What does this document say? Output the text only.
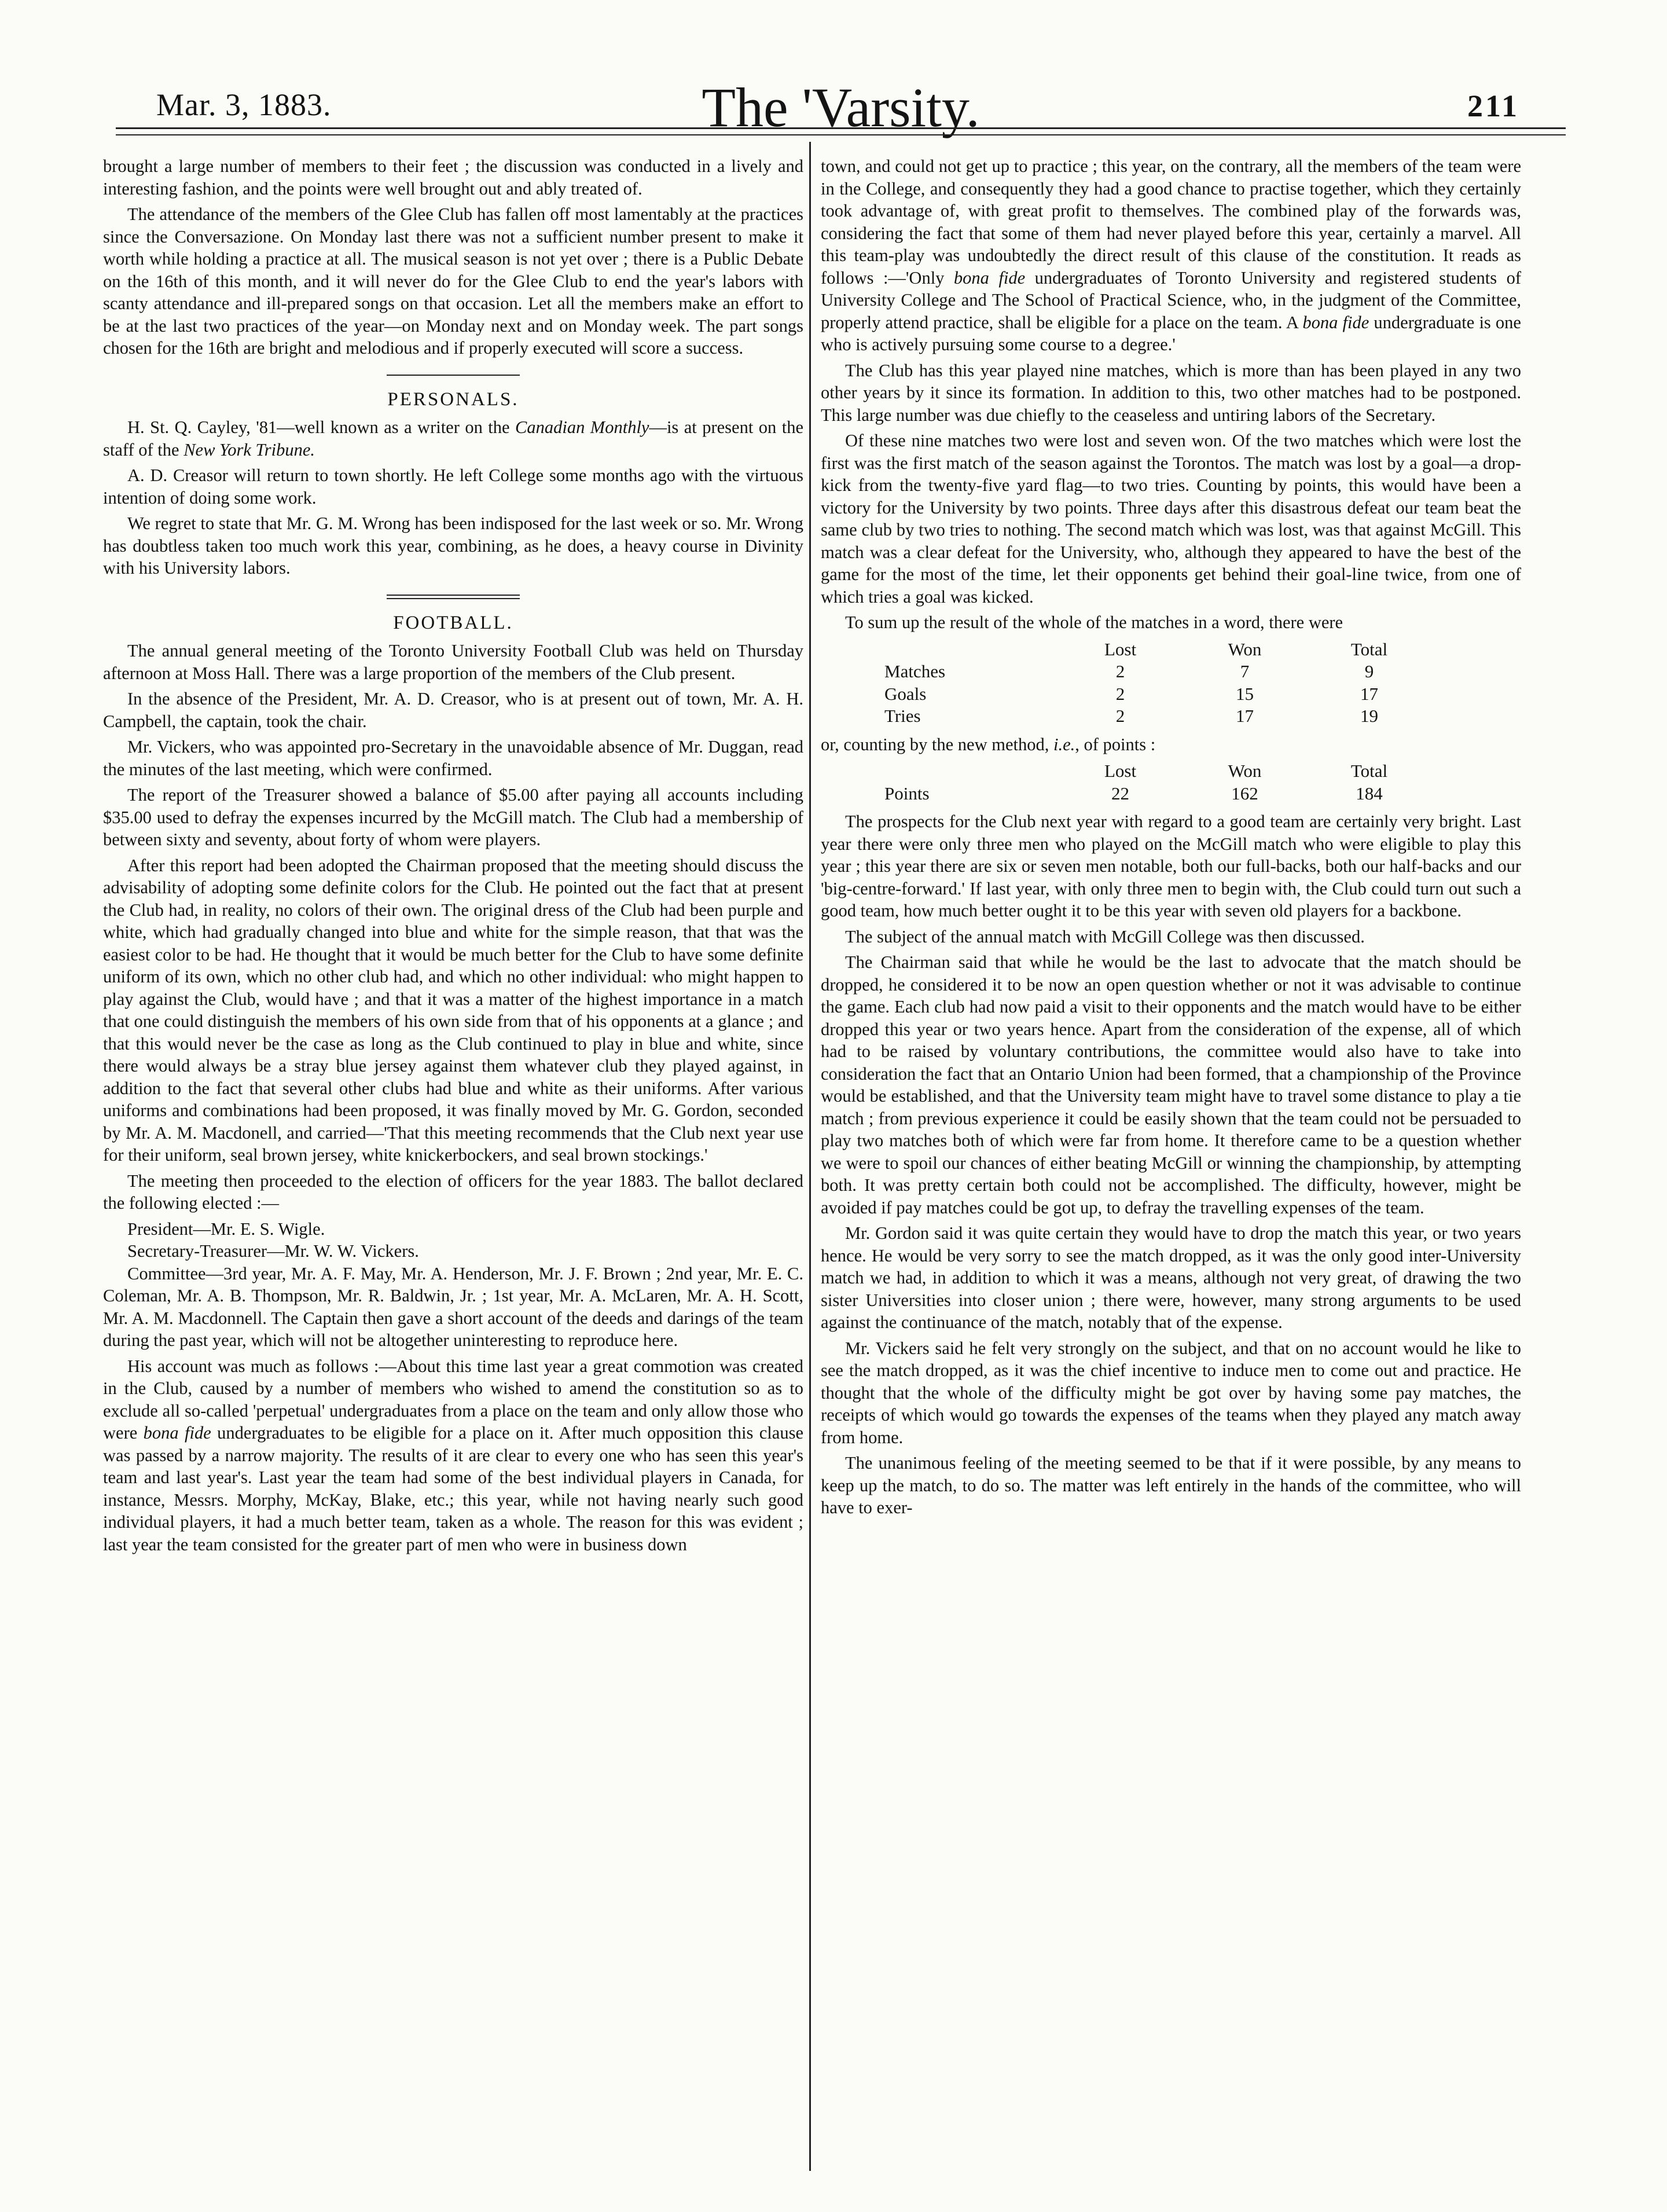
Mar. 3, 1883.	The 'Varsity.	211

brought a large number of members to their feet ; the discussion was conducted in a lively and interesting fashion, and the points were well brought out and ably treated of.

The attendance of the members of the Glee Club has fallen off most lamentably at the practices since the Conversazione. On Monday last there was not a sufficient number present to make it worth while holding a practice at all. The musical season is not yet over ; there is a Public Debate on the 16th of this month, and it will never do for the Glee Club to end the year's labors with scanty attendance and ill-prepared songs on that occasion. Let all the members make an effort to be at the last two practices of the year—on Monday next and on Monday week. The part songs chosen for the 16th are bright and melodious and if properly executed will score a success.

PERSONALS.

H. St. Q. Cayley, '81—well known as a writer on the Canadian Monthly—is at present on the staff of the New York Tribune.

A. D. Creasor will return to town shortly. He left College some months ago with the virtuous intention of doing some work.

We regret to state that Mr. G. M. Wrong has been indisposed for the last week or so. Mr. Wrong has doubtless taken too much work this year, combining, as he does, a heavy course in Divinity with his University labors.

FOOTBALL.

The annual general meeting of the Toronto University Football Club was held on Thursday afternoon at Moss Hall. There was a large proportion of the members of the Club present.

In the absence of the President, Mr. A. D. Creasor, who is at present out of town, Mr. A. H. Campbell, the captain, took the chair.

Mr. Vickers, who was appointed pro-Secretary in the unavoidable absence of Mr. Duggan, read the minutes of the last meeting, which were confirmed.

The report of the Treasurer showed a balance of $5.00 after paying all accounts including $35.00 used to defray the expenses incurred by the McGill match. The Club had a membership of between sixty and seventy, about forty of whom were players.

After this report had been adopted the Chairman proposed that the meeting should discuss the advisability of adopting some definite colors for the Club. He pointed out the fact that at present the Club had, in reality, no colors of their own. The original dress of the Club had been purple and white, which had gradually changed into blue and white for the simple reason, that that was the easiest color to be had. He thought that it would be much better for the Club to have some definite uniform of its own, which no other club had, and which no other individual: who might happen to play against the Club, would have ; and that it was a matter of the highest importance in a match that one could distinguish the members of his own side from that of his opponents at a glance ; and that this would never be the case as long as the Club continued to play in blue and white, since there would always be a stray blue jersey against them whatever club they played against, in addition to the fact that several other clubs had blue and white as their uniforms. After various uniforms and combinations had been proposed, it was finally moved by Mr. G. Gordon, seconded by Mr. A. M. Macdonell, and carried—'That this meeting recommends that the Club next year use for their uniform, seal brown jersey, white knickerbockers, and seal brown stockings.'

The meeting then proceeded to the election of officers for the year 1883. The ballot declared the following elected :—

President—Mr. E. S. Wigle.

Secretary-Treasurer—Mr. W. W. Vickers.

Committee—3rd year, Mr. A. F. May, Mr. A. Henderson, Mr. J. F. Brown ; 2nd year, Mr. E. C. Coleman, Mr. A. B. Thompson, Mr. R. Baldwin, Jr. ; 1st year, Mr. A. McLaren, Mr. A. H. Scott, Mr. A. M. Macdonnell. The Captain then gave a short account of the deeds and darings of the team during the past year, which will not be altogether uninteresting to reproduce here.

His account was much as follows :—About this time last year a great commotion was created in the Club, caused by a number of members who wished to amend the constitution so as to exclude all so-called 'perpetual' undergraduates from a place on the team and only allow those who were bona fide undergraduates to be eligible for a place on it. After much opposition this clause was passed by a narrow majority. The results of it are clear to every one who has seen this year's team and last year's. Last year the team had some of the best individual players in Canada, for instance, Messrs. Morphy, McKay, Blake, etc.; this year, while not having nearly such good individual players, it had a much better team, taken as a whole. The reason for this was evident ; last year the team consisted for the greater part of men who were in business down

town, and could not get up to practice ; this year, on the contrary, all the members of the team were in the College, and consequently they had a good chance to practise together, which they certainly took advantage of, with great profit to themselves. The combined play of the forwards was, considering the fact that some of them had never played before this year, certainly a marvel. All this team-play was undoubtedly the direct result of this clause of the constitution. It reads as follows :—'Only bona fide undergraduates of Toronto University and registered students of University College and The School of Practical Science, who, in the judgment of the Committee, properly attend practice, shall be eligible for a place on the team. A bona fide undergraduate is one who is actively pursuing some course to a degree.'

The Club has this year played nine matches, which is more than has been played in any two other years by it since its formation. In addition to this, two other matches had to be postponed. This large number was due chiefly to the ceaseless and untiring labors of the Secretary.

Of these nine matches two were lost and seven won. Of the two matches which were lost the first was the first match of the season against the Torontos. The match was lost by a goal—a drop-kick from the twenty-five yard flag—to two tries. Counting by points, this would have been a victory for the University by two points. Three days after this disastrous defeat our team beat the same club by two tries to nothing. The second match which was lost, was that against McGill. This match was a clear defeat for the University, who, although they appeared to have the best of the game for the most of the time, let their opponents get behind their goal-line twice, from one of which tries a goal was kicked.

To sum up the result of the whole of the matches in a word, there were

	Lost	Won	Total
Matches	2	7	9
Goals	2	15	17
Tries	2	17	19

or, counting by the new method, i.e., of points :

	Lost	Won	Total
Points	22	162	184

The prospects for the Club next year with regard to a good team are certainly very bright. Last year there were only three men who played on the McGill match who were eligible to play this year ; this year there are six or seven men notable, both our full-backs, both our half-backs and our 'big-centre-forward.' If last year, with only three men to begin with, the Club could turn out such a good team, how much better ought it to be this year with seven old players for a backbone.

The subject of the annual match with McGill College was then discussed.

The Chairman said that while he would be the last to advocate that the match should be dropped, he considered it to be now an open question whether or not it was advisable to continue the game. Each club had now paid a visit to their opponents and the match would have to be either dropped this year or two years hence. Apart from the consideration of the expense, all of which had to be raised by voluntary contributions, the committee would also have to take into consideration the fact that an Ontario Union had been formed, that a championship of the Province would be established, and that the University team might have to travel some distance to play a tie match ; from previous experience it could be easily shown that the team could not be persuaded to play two matches both of which were far from home. It therefore came to be a question whether we were to spoil our chances of either beating McGill or winning the championship, by attempting both. It was pretty certain both could not be accomplished. The difficulty, however, might be avoided if pay matches could be got up, to defray the travelling expenses of the team.

Mr. Gordon said it was quite certain they would have to drop the match this year, or two years hence. He would be very sorry to see the match dropped, as it was the only good inter-University match we had, in addition to which it was a means, although not very great, of drawing the two sister Universities into closer union ; there were, however, many strong arguments to be used against the continuance of the match, notably that of the expense.

Mr. Vickers said he felt very strongly on the subject, and that on no account would he like to see the match dropped, as it was the chief incentive to induce men to come out and practice. He thought that the whole of the difficulty might be got over by having some pay matches, the receipts of which would go towards the expenses of the teams when they played any match away from home.

The unanimous feeling of the meeting seemed to be that if it were possible, by any means to keep up the match, to do so. The matter was left entirely in the hands of the committee, who will have to exer-
